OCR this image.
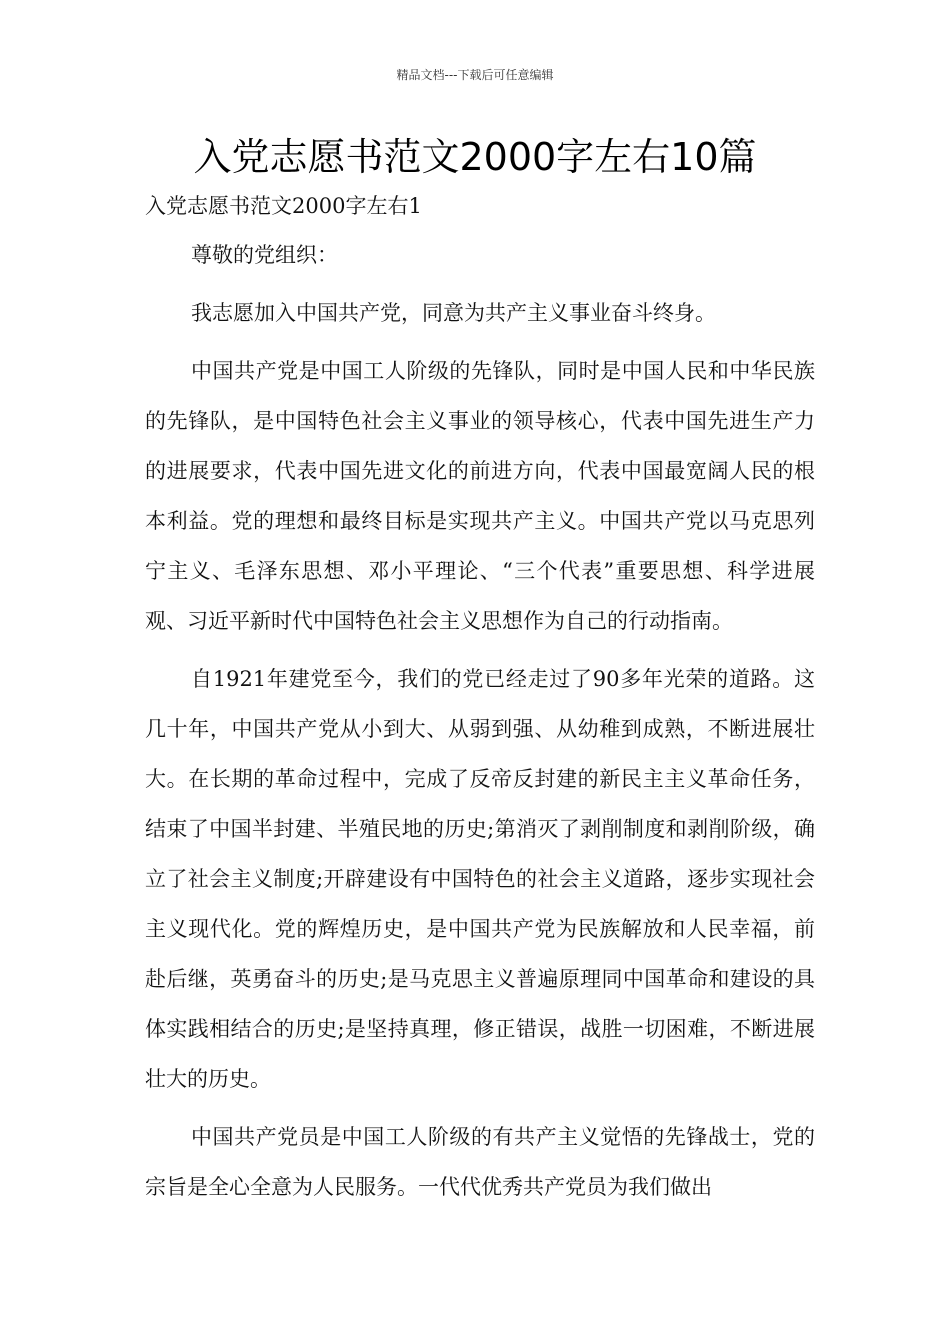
精品文档---下载后可任意编辑
入党志愿书范文2000字左右10篇
入党志愿书范文2000字左右1

尊敬的党组织：

我志愿加入中国共产党，同意为共产主义事业奋斗终身。

中国共产党是中国工人阶级的先锋队，同时是中国人民和中华民族的先锋队，是中国特色社会主义事业的领导核心，代表中国先进生产力的进展要求，代表中国先进文化的前进方向，代表中国最宽阔人民的根本利益。党的理想和最终目标是实现共产主义。中国共产党以马克思列宁主义、毛泽东思想、邓小平理论、“三个代表”重要思想、科学进展观、习近平新时代中国特色社会主义思想作为自己的行动指南。

自1921年建党至今，我们的党已经走过了90多年光荣的道路。这几十年，中国共产党从小到大、从弱到强、从幼稚到成熟，不断进展壮大。在长期的革命过程中，完成了反帝反封建的新民主主义革命任务，结束了中国半封建、半殖民地的历史;第消灭了剥削制度和剥削阶级，确立了社会主义制度;开辟建设有中国特色的社会主义道路，逐步实现社会主义现代化。党的辉煌历史，是中国共产党为民族解放和人民幸福，前赴后继，英勇奋斗的历史;是马克思主义普遍原理同中国革命和建设的具体实践相结合的历史;是坚持真理，修正错误，战胜一切困难，不断进展壮大的历史。

中国共产党员是中国工人阶级的有共产主义觉悟的先锋战士，党的宗旨是全心全意为人民服务。一代代优秀共产党员为我们做出
